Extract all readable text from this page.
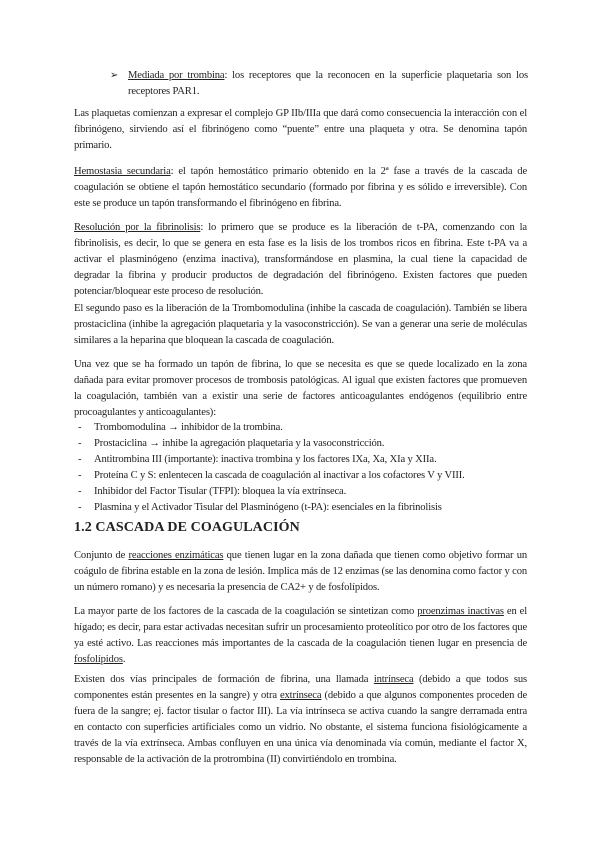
➢ Mediada por trombina: los receptores que la reconocen en la superficie plaquetaria son los receptores PAR1.
Las plaquetas comienzan a expresar el complejo GP IIb/IIIa que dará como consecuencia la interacción con el fibrinógeno, sirviendo así el fibrinógeno como “puente” entre una plaqueta y otra. Se denomina tapón primario.
Hemostasia secundaria: el tapón hemostático primario obtenido en la 2ª fase a través de la cascada de coagulación se obtiene el tapón hemostático secundario (formado por fibrina y es sólido e irreversible). Con este se produce un tapón transformando el fibrinógeno en fibrina.
Resolución por la fibrinolisis: lo primero que se produce es la liberación de t-PA, comenzando con la fibrinolisis, es decir, lo que se genera en esta fase es la lisis de los trombos ricos en fibrina. Este t-PA va a activar el plasminógeno (enzima inactiva), transformándose en plasmina, la cual tiene la capacidad de degradar la fibrina y producir productos de degradación del fibrinógeno. Existen factores que pueden potenciar/bloquear este proceso de resolución.
El segundo paso es la liberación de la Trombomodulina (inhibe la cascada de coagulación). También se libera prostaciclina (inhibe la agregación plaquetaria y la vasoconstricción). Se van a generar una serie de moléculas similares a la heparina que bloquean la cascada de coagulación.
Una vez que se ha formado un tapón de fibrina, lo que se necesita es que se quede localizado en la zona dañada para evitar promover procesos de trombosis patológicas. Al igual que existen factores que promueven la coagulación, también van a existir una serie de factores anticoagulantes endógenos (equilibrio entre procoagulantes y anticoagulantes):
- Trombomodulina → inhibidor de la trombina.
- Prostaciclina → inhibe la agregación plaquetaria y la vasoconstricción.
- Antitrombina III (importante): inactiva trombina y los factores IXa, Xa, XIa y XIIa.
- Proteína C y S: enlentecen la cascada de coagulación al inactivar a los cofactores V y VIII.
- Inhibidor del Factor Tisular (TFPI): bloquea la vía extrínseca.
- Plasmina y el Activador Tisular del Plasminógeno (t-PA): esenciales en la fibrinolisis
1.2 CASCADA DE COAGULACIÓN
Conjunto de reacciones enzimáticas que tienen lugar en la zona dañada que tienen como objetivo formar un coágulo de fibrina estable en la zona de lesión. Implica más de 12 enzimas (se las denomina como factor y con un número romano) y es necesaria la presencia de CA2+ y de fosfolípidos.
La mayor parte de los factores de la cascada de la coagulación se sintetizan como proenzimas inactivas en el hígado; es decir, para estar activadas necesitan sufrir un procesamiento proteolítico por otro de los factores que ya esté activo. Las reacciones más importantes de la cascada de la coagulación tienen lugar en presencia de fosfolípidos.
Existen dos vías principales de formación de fibrina, una llamada intrínseca (debido a que todos sus componentes están presentes en la sangre) y otra extrínseca (debido a que algunos componentes proceden de fuera de la sangre; ej. factor tisular o factor III). La vía intrínseca se activa cuando la sangre derramada entra en contacto con superficies artificiales como un vidrio. No obstante, el sistema funciona fisiológicamente a través de la vía extrínseca. Ambas confluyen en una única vía denominada vía común, mediante el factor X, responsable de la activación de la protrombina (II) convirtiéndolo en trombina.
